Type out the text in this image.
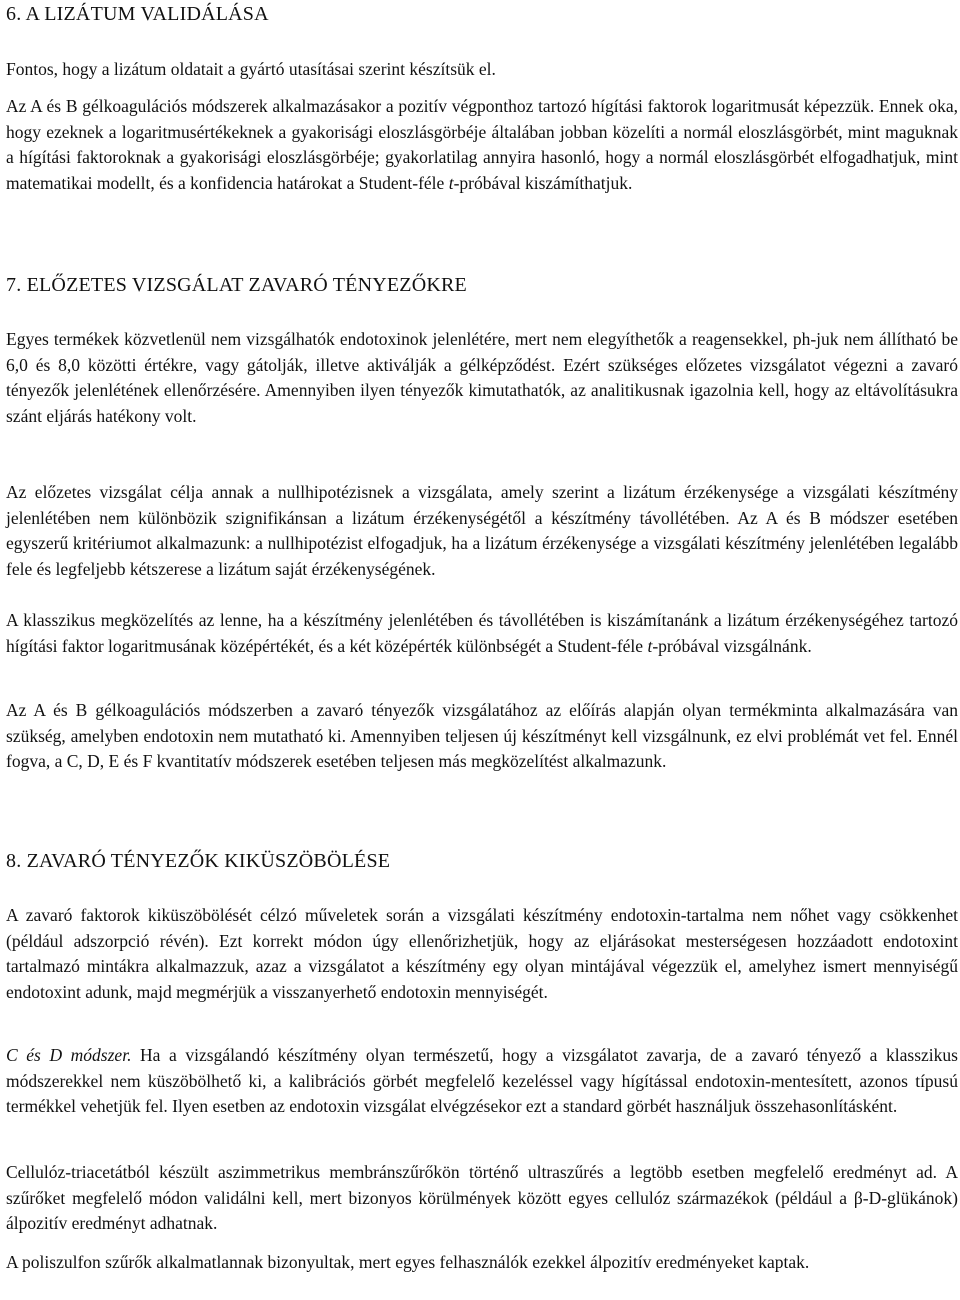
6. A LIZÁTUM VALIDÁLÁSA

Fontos, hogy a lizátum oldatait a gyártó utasításai szerint készítsük el.

Az A és B gélkoagulációs módszerek alkalmazásakor a pozitív végponthoz tartozó hígítási faktorok logaritmusát képezzük. Ennek oka, hogy ezeknek a logaritmusértékeknek a gyakorisági eloszlásgörbéje általában jobban közelíti a normál eloszlásgörbét, mint maguknak a hígítási faktoroknak a gyakorisági eloszlásgörbéje; gyakorlatilag annyira hasonló, hogy a normál eloszlásgörbét elfogadhatjuk, mint matematikai modellt, és a konfidencia határokat a Student-féle t-próbával kiszámíthatjuk.

7. ELŐZETES VIZSGÁLAT ZAVARÓ TÉNYEZŐKRE

Egyes termékek közvetlenül nem vizsgálhatók endotoxinok jelenlétére, mert nem elegyíthetők a reagensekkel, ph-juk nem állítható be 6,0 és 8,0 közötti értékre, vagy gátolják, illetve aktiválják a gélképződést. Ezért szükséges előzetes vizsgálatot végezni a zavaró tényezők jelenlétének ellenőrzésére. Amennyiben ilyen tényezők kimutathatók, az analitikusnak igazolnia kell, hogy az eltávolításukra szánt eljárás hatékony volt.

Az előzetes vizsgálat célja annak a nullhipotézisnek a vizsgálata, amely szerint a lizátum érzékenysége a vizsgálati készítmény jelenlétében nem különbözik szignifikánsan a lizátum érzékenységétől a készítmény távollétében. Az A és B módszer esetében egyszerű kritériumot alkalmazunk: a nullhipotézist elfogadjuk, ha a lizátum érzékenysége a vizsgálati készítmény jelenlétében legalább fele és legfeljebb kétszerese a lizátum saját érzékenységének.

A klasszikus megközelítés az lenne, ha a készítmény jelenlétében és távollétében is kiszámítanánk a lizátum érzékenységéhez tartozó hígítási faktor logaritmusának középértékét, és a két középérték különbségét a Student-féle t-próbával vizsgálnánk.

Az A és B gélkoagulációs módszerben a zavaró tényezők vizsgálatához az előírás alapján olyan termékminta alkalmazására van szükség, amelyben endotoxin nem mutatható ki. Amennyiben teljesen új készítményt kell vizsgálnunk, ez elvi problémát vet fel. Ennél fogva, a C, D, E és F kvantitatív módszerek esetében teljesen más megközelítést alkalmazunk.

8. ZAVARÓ TÉNYEZŐK KIKÜSZÖBÖLÉSE

A zavaró faktorok kiküszöbölését célzó műveletek során a vizsgálati készítmény endotoxin-tartalma nem nőhet vagy csökkenhet (például adszorpció révén). Ezt korrekt módon úgy ellenőrizhetjük, hogy az eljárásokat mesterségesen hozzáadott endotoxint tartalmazó mintákra alkalmazzuk, azaz a vizsgálatot a készítmény egy olyan mintájával végezzük el, amelyhez ismert mennyiségű endotoxint adunk, majd megmérjük a visszanyerhető endotoxin mennyiségét.

C és D módszer. Ha a vizsgálandó készítmény olyan természetű, hogy a vizsgálatot zavarja, de a zavaró tényező a klasszikus módszerekkel nem küszöbölhető ki, a kalibrációs görbét megfelelő kezeléssel vagy hígítással endotoxin-mentesített, azonos típusú termékkel vehetjük fel. Ilyen esetben az endotoxin vizsgálat elvégzésekor ezt a standard görbét használjuk összehasonlításként.

Cellulóz-triacetátból készült aszimmetrikus membránszűrőkön történő ultraszűrés a legtöbb esetben megfelelő eredményt ad. A szűrőket megfelelő módon validálni kell, mert bizonyos körülmények között egyes cellulóz származékok (például a β-D-glükánok) álpozitív eredményt adhatnak.

A poliszulfon szűrők alkalmatlannak bizonyultak, mert egyes felhasználók ezekkel álpozitív eredményeket kaptak.
